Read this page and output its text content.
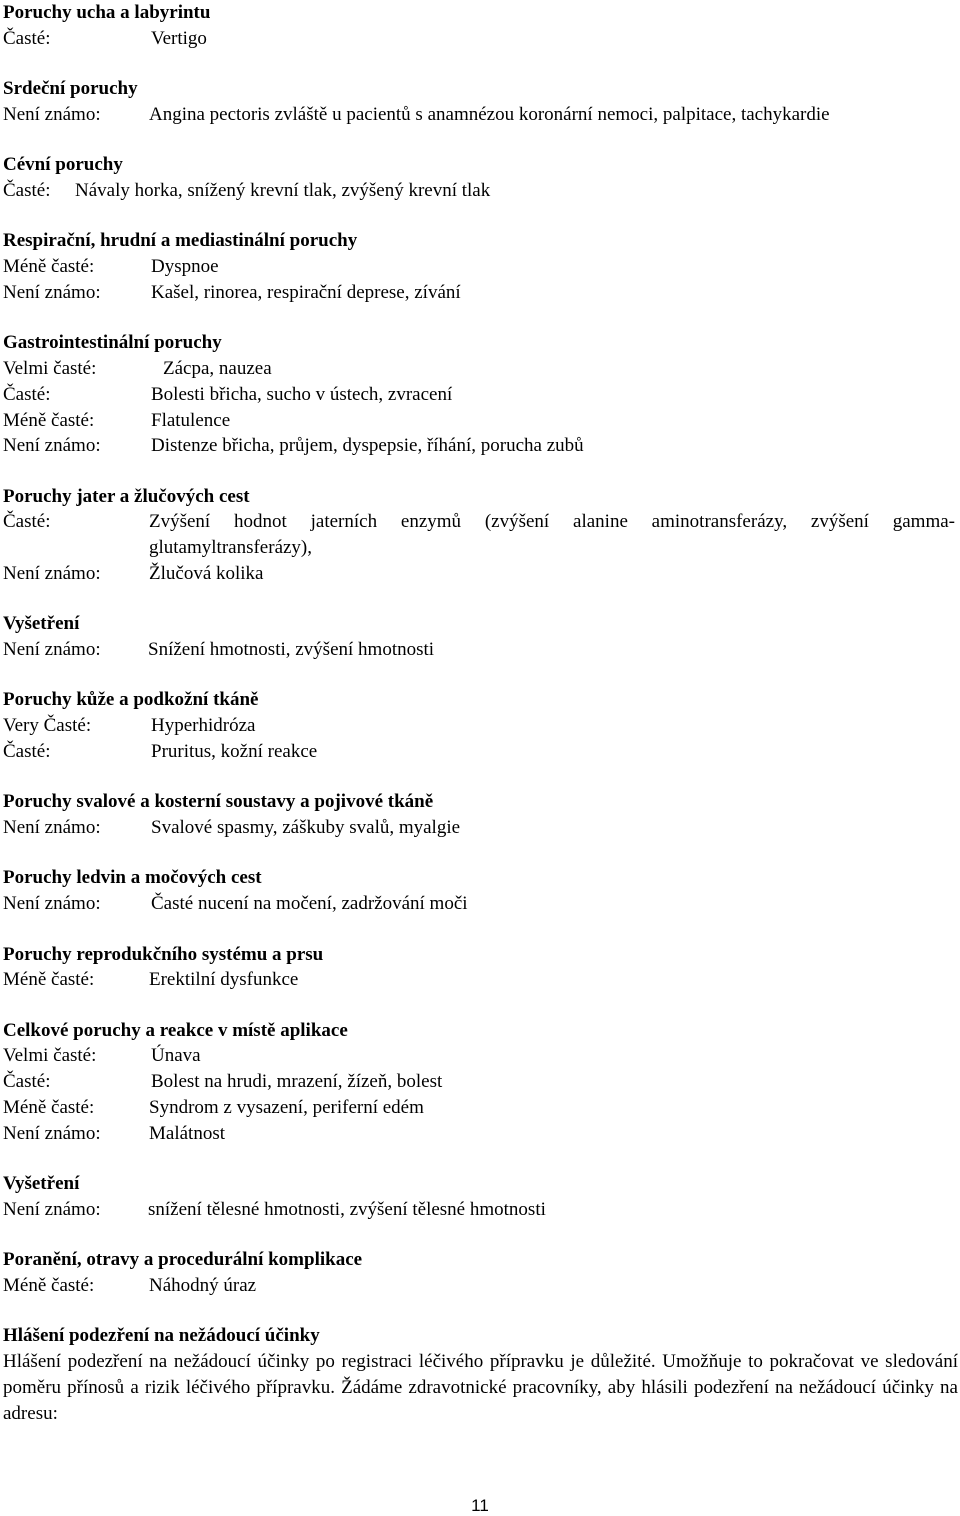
Poruchy ucha a labyrintu
Časté:	Vertigo
Srdeční poruchy
Není známo:	Angina pectoris zvláště u pacientů s anamnézou koronární nemoci, palpitace, tachykardie
Cévní poruchy
Časté: Návaly horka, snížený krevní tlak, zvýšený krevní tlak
Respirační, hrudní a mediastinální poruchy
Méně časté:	Dyspnoe
Není známo:	Kašel, rinorea, respirační deprese, zívání
Gastrointestinální poruchy
Velmi časté:	Zácpa, nauzea
Časté:	Bolesti břicha, sucho v ústech, zvracení
Méně časté:	Flatulence
Není známo:	Distenze břicha, průjem, dyspepsie, říhání, porucha zubů
Poruchy jater a žlučových cest
Časté:	Zvýšení hodnot jaterních enzymů (zvýšení alanine aminotransferázy, zvýšení gamma-glutamyltransferázy),
Není známo:	Žlučová kolika
Vyšetření
Není známo: Snížení hmotnosti, zvýšení hmotnosti
Poruchy kůže a podkožní tkáně
Very Časté:	Hyperhidróza
Časté:	Pruritus, kožní reakce
Poruchy svalové a kosterní soustavy a pojivové tkáně
Není známo:	Svalové spasmy, záškuby svalů, myalgie
Poruchy ledvin a močových cest
Není známo:	Časté nucení na močení, zadržování moči
Poruchy reprodukčního systému a prsu
Méně časté:	Erektilní dysfunkce
Celkové poruchy a reakce v místě aplikace
Velmi časté:	Únava
Časté:	Bolest na hrudi, mrazení, žízeň, bolest
Méně časté:	Syndrom z vysazení, periferní edém
Není známo:	Malátnost
Vyšetření
Není známo: snížení tělesné hmotnosti, zvýšení tělesné hmotnosti
Poranění, otravy a procedurální komplikace
Méně časté:	Náhodný úraz
Hlášení podezření na nežádoucí účinky
Hlášení podezření na nežádoucí účinky po registraci léčivého přípravku je důležité. Umožňuje to pokračovat ve sledování poměru přínosů a rizik léčivého přípravku. Žádáme zdravotnické pracovníky, aby hlásili podezření na nežádoucí účinky na adresu:
11
